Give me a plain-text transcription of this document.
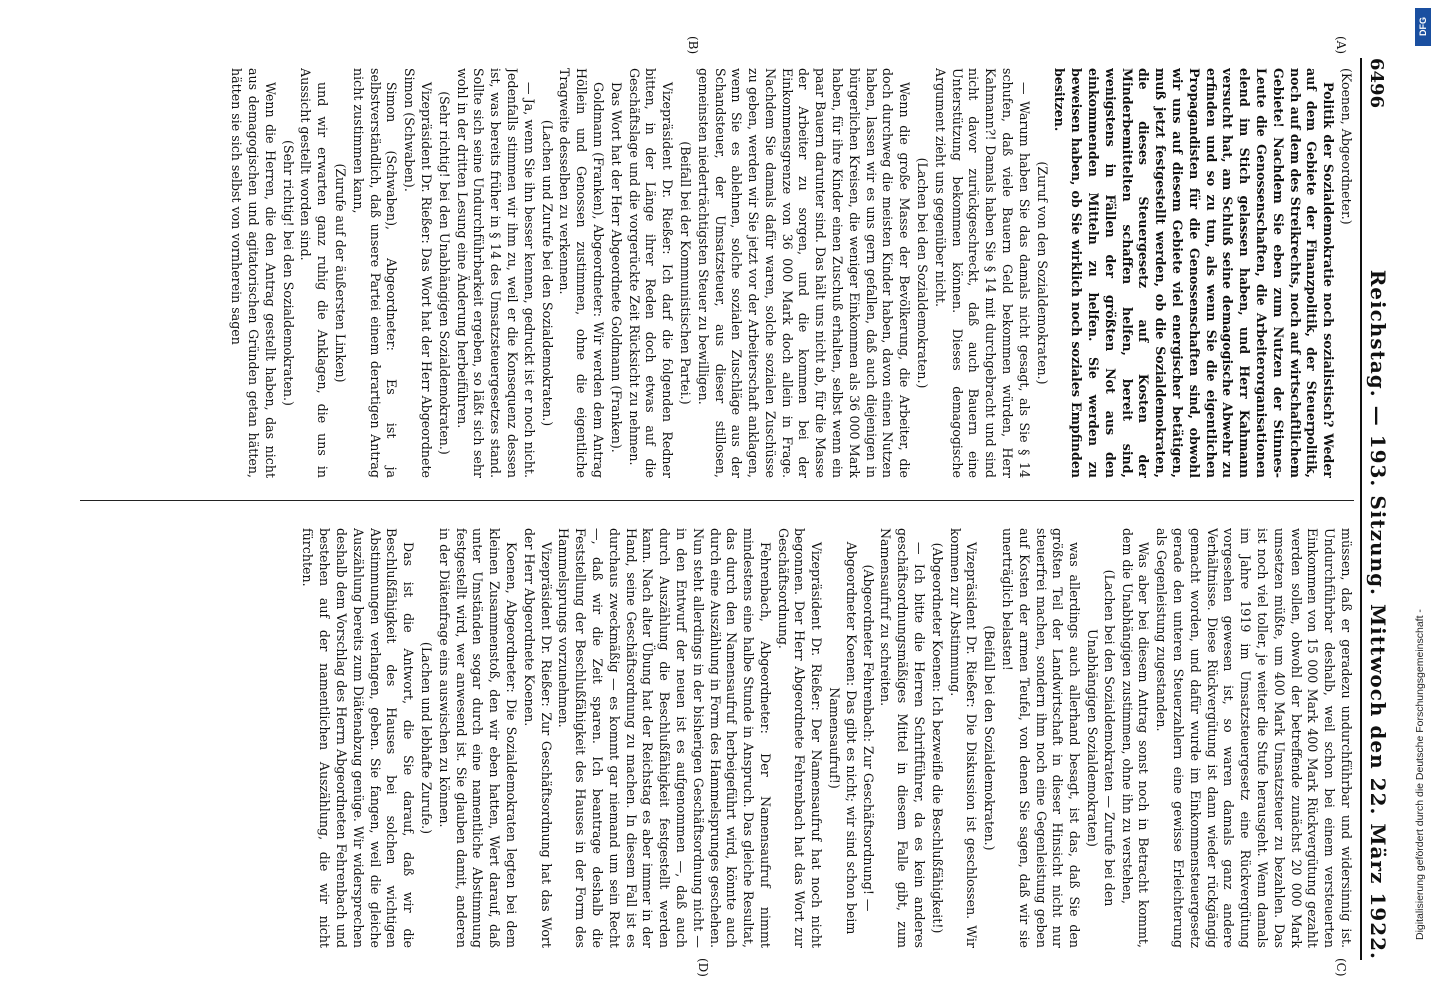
6496
Reichstag. — 193. Sitzung. Mittwoch den 22. März 1922.
(A)
(B)
(C)
(D)

(Koenen, Abgeordneter.)

Politik der Sozialdemokratie noch sozialistisch? Weder auf dem Gebiete der Finanzpolitik, der Steuerpolitik, noch auf dem des Streikrechts, noch auf wirtschaftlichem Gebiete! Nachdem Sie eben zum Nutzen der Stinnes-Leute die Genossenschaften, die Arbeiterorganisationen elend im Stich gelassen haben, und Herr Kahmann versucht hat, am Schluß seine demagogische Abwehr zu erfinden und so zu tun, als wenn Sie die eigentlichen Propagandisten für die Genossenschaften sind, obwohl wir uns auf diesem Gebiete viel energischer betätigen, muß jetzt festgestellt werden, ob die Sozialdemokraten, die dieses Steuergesetz auf Kosten der Minderbemittelten schaffen helfen, bereit sind, wenigstens in Fällen der größten Not aus den einkommenden Mitteln zu helfen. Sie werden zu beweisen haben, ob Sie wirklich noch soziales Empfinden besitzen.

(Zuruf von den Sozialdemokraten.)

— Warum haben Sie das damals nicht gesagt, als Sie § 14 schufen, daß viele Bauern Geld bekommen würden, Herr Kahmann?! Damals haben Sie § 14 mit durchgebracht und sind nicht davor zurückgeschreckt, daß auch Bauern eine Unterstützung bekommen können. Dieses demagogische Argument zieht uns gegenüber nicht.

(Lachen bei den Sozialdemokraten.)

Wenn die große Masse der Bevölkerung, die Arbeiter, die doch durchweg die meisten Kinder haben, davon einen Nutzen haben, lassen wir es uns gern gefallen, daß auch diejenigen in bürgerlichen Kreisen, die weniger Einkommen als 36 000 Mark haben, für ihre Kinder einen Zuschuß erhalten, selbst wenn ein paar Bauern darunter sind. Das hält uns nicht ab, für die Masse der Arbeiter zu sorgen, und die kommen bei der Einkommensgrenze von 36 000 Mark doch allein in Frage. Nachdem Sie damals dafür waren, solche sozialen Zuschüsse zu geben, werden wir Sie jetzt vor der Arbeiterschaft anklagen, wenn Sie es ablehnen, solche sozialen Zuschläge aus der Schandsteuer, der Umsatzsteuer, aus dieser stillosen, gemeinsten niederträchtigsten Steuer zu bewilligen.

(Beifall bei der Kommunistischen Partei.)

Vizepräsident Dr. Rießer: Ich darf die folgenden Redner bitten, in der Länge ihrer Reden doch etwas auf die Geschäftslage und die vorgerückte Zeit Rücksicht zu nehmen.

Das Wort hat der Herr Abgeordnete Goldmann (Franken).

Goldmann (Franken), Abgeordneter: Wir werden dem Antrag Höllein und Genossen zustimmen, ohne die eigentliche Tragweite desselben zu verkennen.

(Lachen und Zurufe bei den Sozialdemokraten.)

— Ja, wenn Sie ihn besser kennen, gedruckt ist er noch nicht. Jedenfalls stimmen wir ihm zu, weil er die Konsequenz dessen ist, was bereits früher in § 14 des Umsatzsteuergesetzes stand. Sollte sich seine Undurchführbarkeit ergeben, so läßt sich sehr wohl in der dritten Lesung eine Änderung herbeiführen.

(Sehr richtig! bei den Unabhängigen Sozialdemokraten.)

Vizepräsident Dr. Rießer: Das Wort hat der Herr Abgeordnete Simon (Schwaben).

Simon (Schwaben), Abgeordneter: Es ist ja selbstverständlich, daß unsere Partei einem derartigen Antrag nicht zustimmen kann,

(Zurufe auf der äußersten Linken)

und wir erwarten ganz ruhig die Anklagen, die uns in Aussicht gestellt worden sind.

(Sehr richtig! bei den Sozialdemokraten.)

Wenn die Herren, die den Antrag gestellt haben, das nicht aus demagogischen und agitatorischen Gründen getan hätten, hätten sie sich selbst von vornherein sagen

müssen, daß er geradezu undurchführbar und widersinnig ist. Undurchführbar deshalb, weil schon bei einem versteuerten Einkommen von 15 000 Mark 400 Mark Rückvergütung gezahlt werden sollen, obwohl der betreffende zunächst 20 000 Mark umsetzen müßte, um 400 Mark Umsatzsteuer zu bezahlen. Das ist noch viel toller, je weiter die Stufe herausgeht. Wenn damals im Jahre 1919 im Umsatzsteuergesetz eine Rückvergütung vorgesehen gewesen ist, so waren damals ganz andere Verhältnisse. Diese Rückvergütung ist dann wieder rückgängig gemacht worden, und dafür wurde im Einkommensteuergesetz gerade den unteren Steuerzahlern eine gewisse Erleichterung als Gegenleistung zugestanden.

Was aber bei diesem Antrag sonst noch in Betracht kommt, dem die Unabhängigen zustimmen, ohne ihn zu verstehen,

(Lachen bei den Sozialdemokraten — Zurufe bei den Unabhängigen Sozialdemokraten)

was allerdings auch allerhand besagt, ist das, daß Sie den größten Teil der Landwirtschaft in dieser Hinsicht nicht nur steuerfrei machen, sondern ihm noch eine Gegenleistung geben auf Kosten der armen Teufel, von denen Sie sagen, daß wir sie unerträglich belasten!

(Beifall bei den Sozialdemokraten.)

Vizepräsident Dr. Rießer: Die Diskussion ist geschlossen. Wir kommen zur Abstimmung.

(Abgeordneter Koenen: Ich bezweifle die Beschlußfähigkeit!)

— Ich bitte die Herren Schriftführer, da es kein anderes geschäftsordnungsmäßiges Mittel in diesem Falle gibt, zum Namensaufruf zu schreiten.

(Abgeordneter Fehrenbach: Zur Geschäftsordnung! — Abgeordneter Koenen: Das gibt es nicht; wir sind schon beim Namensaufruf!)

Vizepräsident Dr. Rießer: Der Namensaufruf hat noch nicht begonnen. Der Herr Abgeordnete Fehrenbach hat das Wort zur Geschäftsordnung.

Fehrenbach, Abgeordneter: Der Namensaufruf nimmt mindestens eine halbe Stunde in Anspruch. Das gleiche Resultat, das durch den Namensaufruf herbeigeführt wird, könnte auch durch eine Auszählung in Form des Hammelsprunges geschehen. Nun steht allerdings in der bisherigen Geschäftsordnung nicht — in den Entwurf der neuen ist es aufgenommen —, daß auch durch Auszählung die Beschlußfähigkeit festgestellt werden kann. Nach alter Übung hat der Reichstag es aber immer in der Hand, seine Geschäftsordnung zu machen. In diesem Fall ist es durchaus zweckmäßig — es kommt gar niemand um sein Recht —, daß wir die Zeit sparen. Ich beantrage deshalb die Feststellung der Beschlußfähigkeit des Hauses in der Form des Hammelsprungs vorzunehmen.

Vizepräsident Dr. Rießer: Zur Geschäftsordnung hat das Wort der Herr Abgeordnete Koenen.

Koenen, Abgeordneter: Die Sozialdemokraten legten bei dem kleinen Zusammenstoß, den wir eben hatten, Wert darauf, daß unter Umständen sogar durch eine namentliche Abstimmung festgestellt wird, wer anwesend ist. Sie glauben damit, anderen in der Diätenfrage eins auswischen zu können.

(Lachen und lebhafte Zurufe.)

Das ist die Antwort, die Sie darauf, daß wir die Beschlußfähigkeit des Hauses bei solchen wichtigen Abstimmungen verlangen, geben. Sie fangen, weil die gleiche Auszählung bereits zum Diätenabzug genüge. Wir widersprechen deshalb dem Vorschlag des Herrn Abgeordneten Fehrenbach und bestehen auf der namentlichen Auszählung, die wir nicht fürchten.

DFG
Digitalisierung gefördert durch die Deutsche Forschungsgemeinschaft -
